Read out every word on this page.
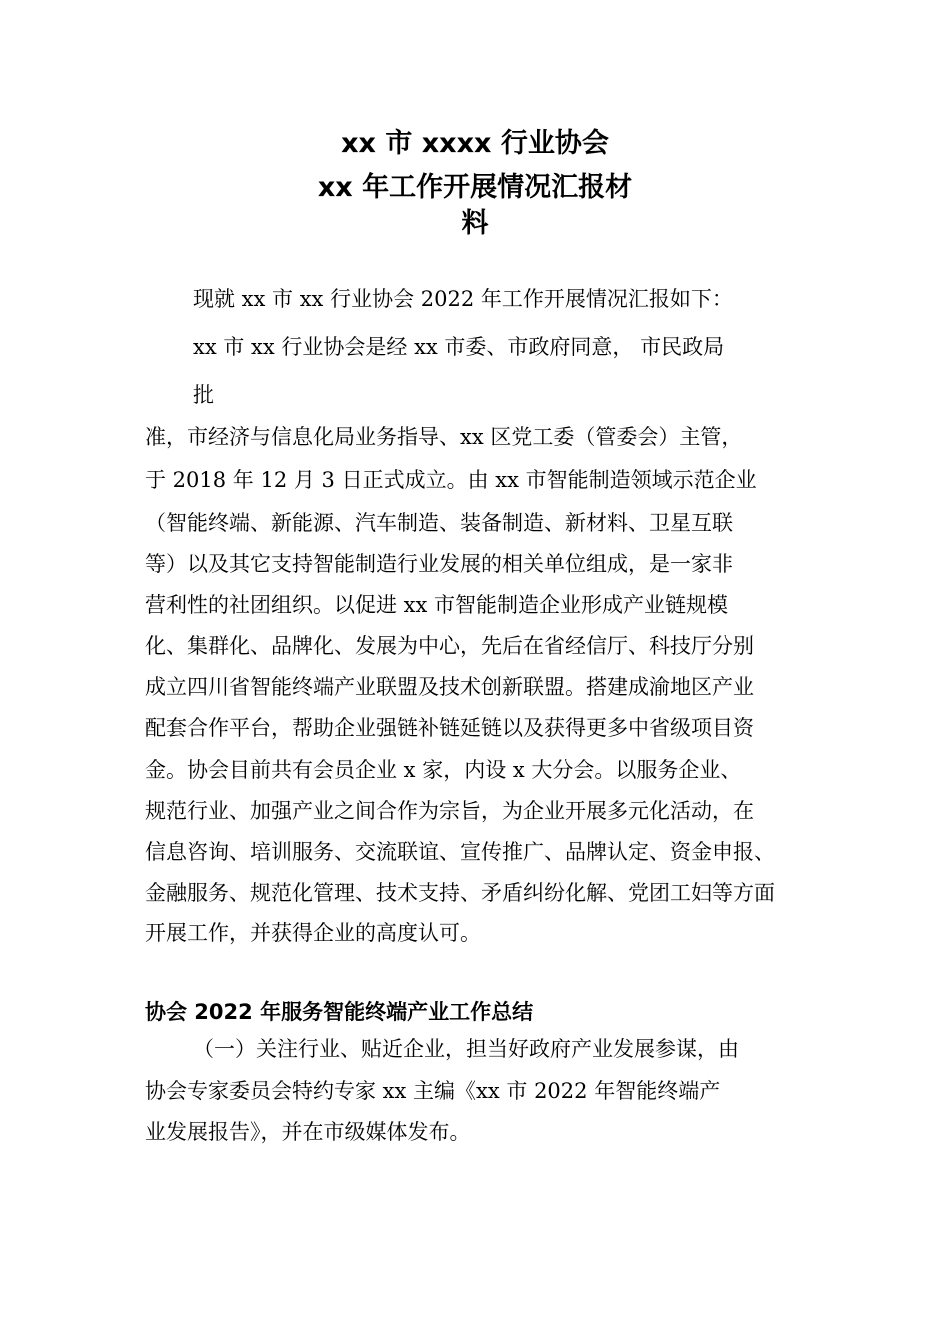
xx 市 xxxx 行业协会
xx 年工作开展情况汇报材
料
现就 xx 市 xx 行业协会 2022 年工作开展情况汇报如下：
xx 市 xx 行业协会是经 xx 市委、市政府同意， 市民政局
批
准，市经济与信息化局业务指导、xx 区党工委（管委会）主管，
于 2018 年 12 月 3 日正式成立。由 xx 市智能制造领域示范企业
（智能终端、新能源、汽车制造、装备制造、新材料、卫星互联
等）以及其它支持智能制造行业发展的相关单位组成，是一家非
营利性的社团组织。以促进 xx 市智能制造企业形成产业链规模
化、集群化、品牌化、发展为中心，先后在省经信厅、科技厅分别
成立四川省智能终端产业联盟及技术创新联盟。搭建成渝地区产业
配套合作平台，帮助企业强链补链延链以及获得更多中省级项目资
金。协会目前共有会员企业 x 家，内设 x 大分会。以服务企业、
规范行业、加强产业之间合作为宗旨，为企业开展多元化活动，在
信息咨询、培训服务、交流联谊、宣传推广、品牌认定、资金申报、
金融服务、规范化管理、技术支持、矛盾纠纷化解、党团工妇等方面
开展工作，并获得企业的高度认可。
协会 2022 年服务智能终端产业工作总结
（一）关注行业、贴近企业，担当好政府产业发展参谋，由
协会专家委员会特约专家 xx 主编《xx 市 2022 年智能终端产
业发展报告》，并在市级媒体发布。
